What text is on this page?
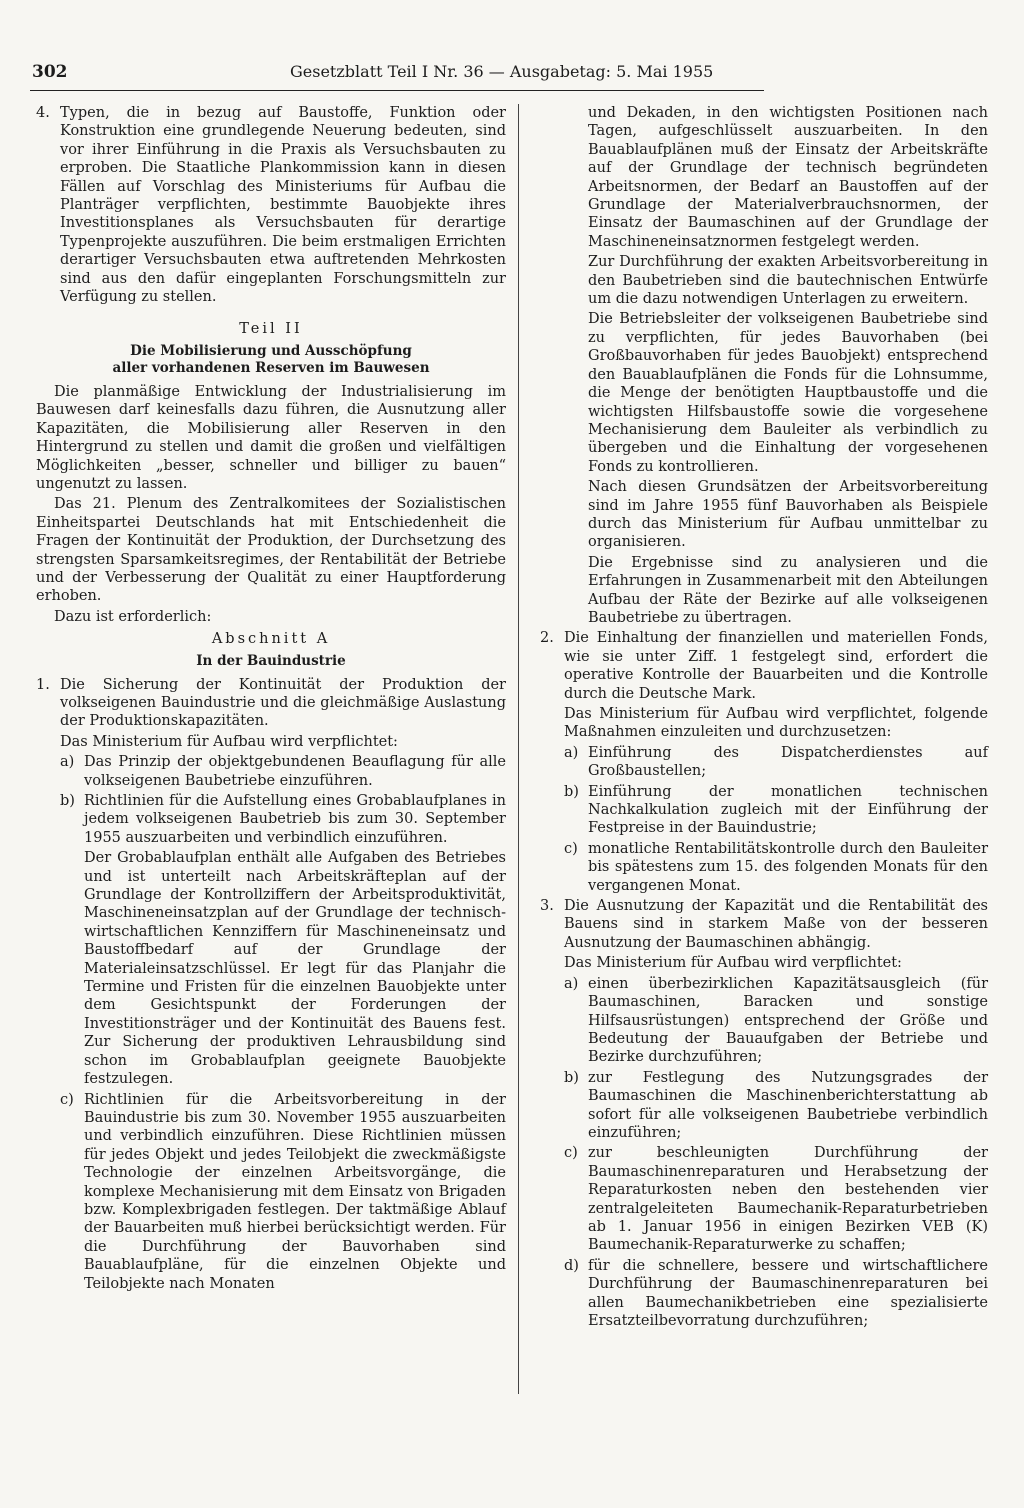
302	Gesetzblatt Teil I Nr. 36 — Ausgabetag: 5. Mai 1955
4. Typen, die in bezug auf Baustoffe, Funktion oder Konstruktion eine grundlegende Neuerung bedeuten, sind vor ihrer Einführung in die Praxis als Versuchsbauten zu erproben. Die Staatliche Plankommission kann in diesen Fällen auf Vorschlag des Ministeriums für Aufbau die Planträger verpflichten, bestimmte Bauobjekte ihres Investitionsplanes als Versuchsbauten für derartige Typenprojekte auszuführen. Die beim erstmaligen Errichten derartiger Versuchsbauten etwa auftretenden Mehrkosten sind aus den dafür eingeplanten Forschungsmitteln zur Verfügung zu stellen.
Teil II
Die Mobilisierung und Ausschöpfung
aller vorhandenen Reserven im Bauwesen

Die planmäßige Entwicklung der Industrialisierung im Bauwesen darf keinesfalls dazu führen, die Ausnutzung aller Kapazitäten, die Mobilisierung aller Reserven in den Hintergrund zu stellen und damit die großen und vielfältigen Möglichkeiten „besser, schneller und billiger zu bauen“ ungenutzt zu lassen.

Das 21. Plenum des Zentralkomitees der Sozialistischen Einheitspartei Deutschlands hat mit Entschiedenheit die Fragen der Kontinuität der Produktion, der Durchsetzung des strengsten Sparsamkeitsregimes, der Rentabilität der Betriebe und der Verbesserung der Qualität zu einer Hauptforderung erhoben.

Dazu ist erforderlich:

Abschnitt A
In der Bauindustrie
1. Die Sicherung der Kontinuität der Produktion der volkseigenen Bauindustrie und die gleichmäßige Auslastung der Produktionskapazitäten.

Das Ministerium für Aufbau wird verpflichtet:

a) Das Prinzip der objektgebundenen Beauflagung für alle volkseigenen Baubetriebe einzuführen.
b) Richtlinien für die Aufstellung eines Grobablaufplanes in jedem volkseigenen Baubetrieb bis zum 30. September 1955 auszuarbeiten und verbindlich einzuführen.

Der Grobablaufplan enthält alle Aufgaben des Betriebes und ist unterteilt nach Arbeitskräfteplan auf der Grundlage der Kontrollziffern der Arbeitsproduktivität, Maschineneinsatzplan auf der Grundlage der technisch-wirtschaftlichen Kennziffern für Maschineneinsatz und Baustoffbedarf auf der Grundlage der Materialeinsatzschlüssel. Er legt für das Planjahr die Termine und Fristen für die einzelnen Bauobjekte unter dem Gesichtspunkt der Forderungen der Investitionsträger und der Kontinuität des Bauens fest. Zur Sicherung der produktiven Lehrausbildung sind schon im Grobablaufplan geeignete Bauobjekte festzulegen.

c) Richtlinien für die Arbeitsvorbereitung in der Bauindustrie bis zum 30. November 1955 auszuarbeiten und verbindlich einzuführen. Diese Richtlinien müssen für jedes Objekt und jedes Teilobjekt die zweckmäßigste Technologie der einzelnen Arbeitsvorgänge, die komplexe Mechanisierung mit dem Einsatz von Brigaden bzw. Komplexbrigaden festlegen. Der taktmäßige Ablauf der Bauarbeiten muß hierbei berücksichtigt werden. Für die Durchführung der Bauvorhaben sind Bauablaufpläne, für die einzelnen Objekte und Teilobjekte nach Monaten

und Dekaden, in den wichtigsten Positionen nach Tagen, aufgeschlüsselt auszuarbeiten. In den Bauablaufplänen muß der Einsatz der Arbeitskräfte auf der Grundlage der technisch begründeten Arbeitsnormen, der Bedarf an Baustoffen auf der Grundlage der Materialverbrauchsnormen, der Einsatz der Baumaschinen auf der Grundlage der Maschineneinsatznormen festgelegt werden.

Zur Durchführung der exakten Arbeitsvorbereitung in den Baubetrieben sind die bautechnischen Entwürfe um die dazu notwendigen Unterlagen zu erweitern.

Die Betriebsleiter der volkseigenen Baubetriebe sind zu verpflichten, für jedes Bauvorhaben (bei Großbauvorhaben für jedes Bauobjekt) entsprechend den Bauablaufplänen die Fonds für die Lohnsumme, die Menge der benötigten Hauptbaustoffe und die wichtigsten Hilfsbaustoffe sowie die vorgesehene Mechanisierung dem Bauleiter als verbindlich zu übergeben und die Einhaltung der vorgesehenen Fonds zu kontrollieren.

Nach diesen Grundsätzen der Arbeitsvorbereitung sind im Jahre 1955 fünf Bauvorhaben als Beispiele durch das Ministerium für Aufbau unmittelbar zu organisieren.

Die Ergebnisse sind zu analysieren und die Erfahrungen in Zusammenarbeit mit den Abteilungen Aufbau der Räte der Bezirke auf alle volkseigenen Baubetriebe zu übertragen.

2. Die Einhaltung der finanziellen und materiellen Fonds, wie sie unter Ziff. 1 festgelegt sind, erfordert die operative Kontrolle der Bauarbeiten und die Kontrolle durch die Deutsche Mark.

Das Ministerium für Aufbau wird verpflichtet, folgende Maßnahmen einzuleiten und durchzusetzen:

a) Einführung des Dispatcherdienstes auf Großbaustellen;
b) Einführung der monatlichen technischen Nachkalkulation zugleich mit der Einführung der Festpreise in der Bauindustrie;
c) monatliche Rentabilitätskontrolle durch den Bauleiter bis spätestens zum 15. des folgenden Monats für den vergangenen Monat.
3. Die Ausnutzung der Kapazität und die Rentabilität des Bauens sind in starkem Maße von der besseren Ausnutzung der Baumaschinen abhängig.

Das Ministerium für Aufbau wird verpflichtet:

a) einen überbezirklichen Kapazitätsausgleich (für Baumaschinen, Baracken und sonstige Hilfsausrüstungen) entsprechend der Größe und Bedeutung der Bauaufgaben der Betriebe und Bezirke durchzuführen;
b) zur Festlegung des Nutzungsgrades der Baumaschinen die Maschinenberichterstattung ab sofort für alle volkseigenen Baubetriebe verbindlich einzuführen;
c) zur beschleunigten Durchführung der Baumaschinenreparaturen und Herabsetzung der Reparaturkosten neben den bestehenden vier zentralgeleiteten Baumechanik-Reparaturbetrieben ab 1. Januar 1956 in einigen Bezirken VEB (K) Baumechanik-Reparaturwerke zu schaffen;
d) für die schnellere, bessere und wirtschaftlichere Durchführung der Baumaschinenreparaturen bei allen Baumechanikbetrieben eine spezialisierte Ersatzteilbevorratung durchzuführen;
